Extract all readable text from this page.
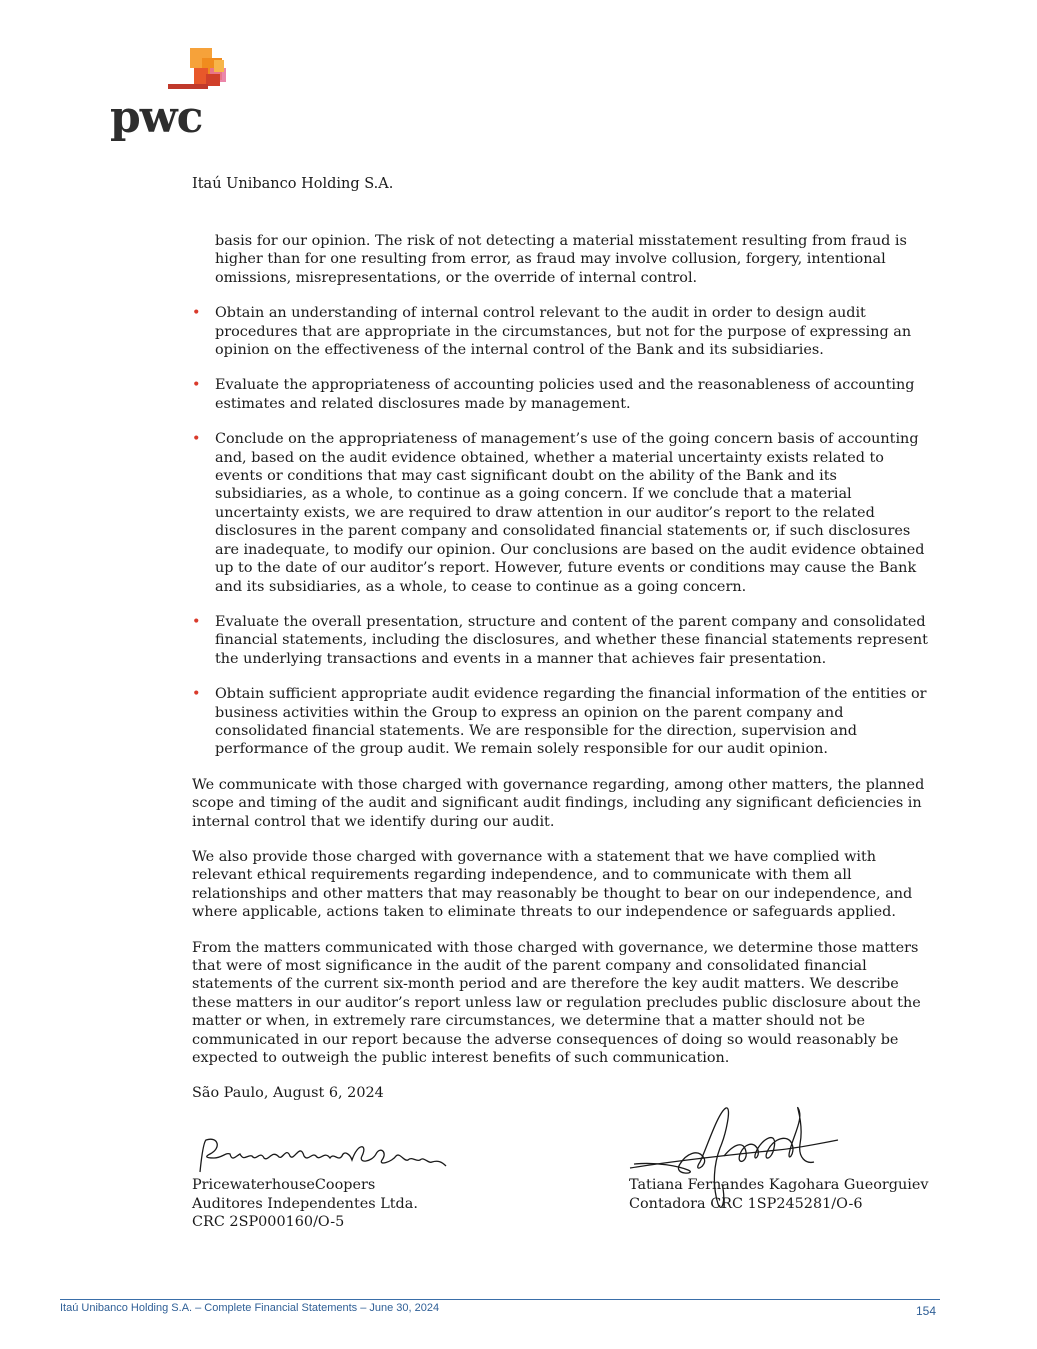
pwc
Itaú Unibanco Holding S.A.

basis for our opinion. The risk of not detecting a material misstatement resulting from fraud is higher than for one resulting from error, as fraud may involve collusion, forgery, intentional omissions, misrepresentations, or the override of internal control.

• Obtain an understanding of internal control relevant to the audit in order to design audit procedures that are appropriate in the circumstances, but not for the purpose of expressing an opinion on the effectiveness of the internal control of the Bank and its subsidiaries.

• Evaluate the appropriateness of accounting policies used and the reasonableness of accounting estimates and related disclosures made by management.

• Conclude on the appropriateness of management’s use of the going concern basis of accounting and, based on the audit evidence obtained, whether a material uncertainty exists related to events or conditions that may cast significant doubt on the ability of the Bank and its subsidiaries, as a whole, to continue as a going concern. If we conclude that a material uncertainty exists, we are required to draw attention in our auditor’s report to the related disclosures in the parent company and consolidated financial statements or, if such disclosures are inadequate, to modify our opinion. Our conclusions are based on the audit evidence obtained up to the date of our auditor’s report. However, future events or conditions may cause the Bank and its subsidiaries, as a whole, to cease to continue as a going concern.

• Evaluate the overall presentation, structure and content of the parent company and consolidated financial statements, including the disclosures, and whether these financial statements represent the underlying transactions and events in a manner that achieves fair presentation.

• Obtain sufficient appropriate audit evidence regarding the financial information of the entities or business activities within the Group to express an opinion on the parent company and consolidated financial statements. We are responsible for the direction, supervision and performance of the group audit. We remain solely responsible for our audit opinion.

We communicate with those charged with governance regarding, among other matters, the planned scope and timing of the audit and significant audit findings, including any significant deficiencies in internal control that we identify during our audit.

We also provide those charged with governance with a statement that we have complied with relevant ethical requirements regarding independence, and to communicate with them all relationships and other matters that may reasonably be thought to bear on our independence, and where applicable, actions taken to eliminate threats to our independence or safeguards applied.

From the matters communicated with those charged with governance, we determine those matters that were of most significance in the audit of the parent company and consolidated financial statements of the current six-month period and are therefore the key audit matters. We describe these matters in our auditor’s report unless law or regulation precludes public disclosure about the matter or when, in extremely rare circumstances, we determine that a matter should not be communicated in our report because the adverse consequences of doing so would reasonably be expected to outweigh the public interest benefits of such communication.

São Paulo, August 6, 2024

PricewaterhouseCoopers
Auditores Independentes Ltda.
CRC 2SP000160/O-5
Tatiana Fernandes Kagohara Gueorguiev
Contadora CRC 1SP245281/O-6
Itaú Unibanco Holding S.A. – Complete Financial Statements – June 30, 2024	154
